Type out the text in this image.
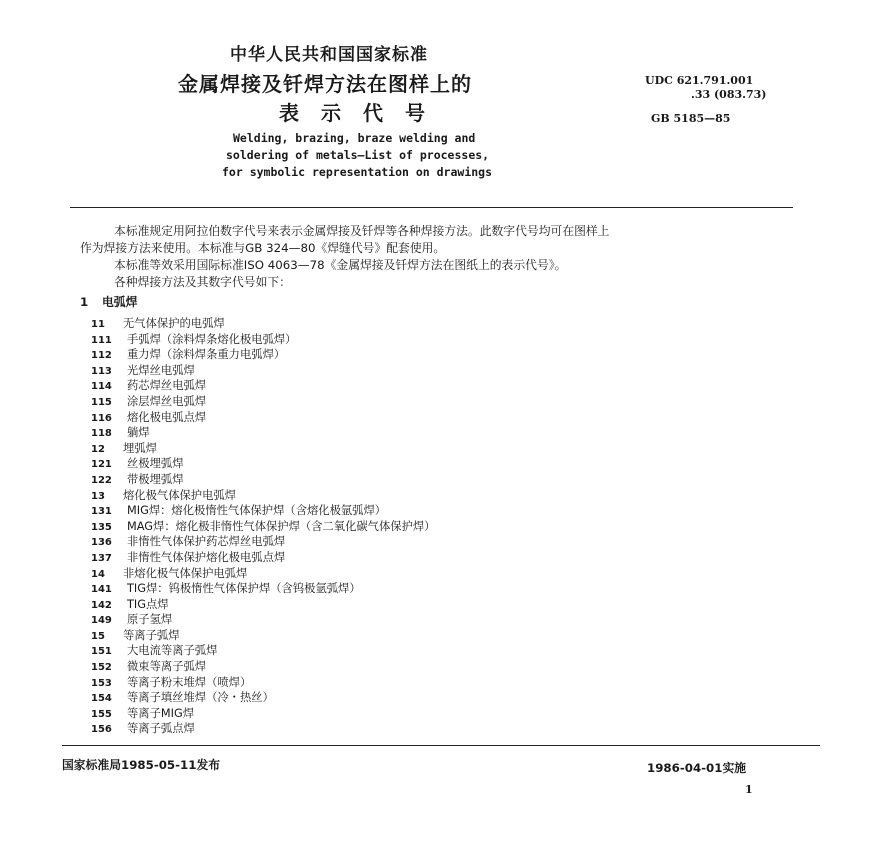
中华人民共和国国家标准
金属焊接及钎焊方法在图样上的
表示代号
UDC 621.791.001
.33 (083.73)
GB 5185—85
Welding, brazing, braze welding and
soldering of metals—List of processes,
for symbolic representation on drawings
本标准规定用阿拉伯数字代号来表示金属焊接及钎焊等各种焊接方法。此数字代号均可在图样上
作为焊接方法来使用。本标准与GB 324—80《焊缝代号》配套使用。
本标准等效采用国际标准ISO 4063—78《金属焊接及钎焊方法在图纸上的表示代号》。
各种焊接方法及其数字代号如下：
1 电弧焊
11 无气体保护的电弧焊
111 手弧焊（涂料焊条熔化极电弧焊）
112 重力焊（涂料焊条重力电弧焊）
113 光焊丝电弧焊
114 药芯焊丝电弧焊
115 涂层焊丝电弧焊
116 熔化极电弧点焊
118 躺焊
12 埋弧焊
121 丝极埋弧焊
122 带极埋弧焊
13 熔化极气体保护电弧焊
131 MIG焊：熔化极惰性气体保护焊（含熔化极氩弧焊）
135 MAG焊：熔化极非惰性气体保护焊（含二氧化碳气体保护焊）
136 非惰性气体保护药芯焊丝电弧焊
137 非惰性气体保护熔化极电弧点焊
14 非熔化极气体保护电弧焊
141 TIG焊：钨极惰性气体保护焊（含钨极氩弧焊）
142 TIG点焊
149 原子氢焊
15 等离子弧焊
151 大电流等离子弧焊
152 微束等离子弧焊
153 等离子粉末堆焊（喷焊）
154 等离子填丝堆焊（冷・热丝）
155 等离子MIG焊
156 等离子弧点焊
国家标准局1985-05-11发布	1986-04-01实施
1
